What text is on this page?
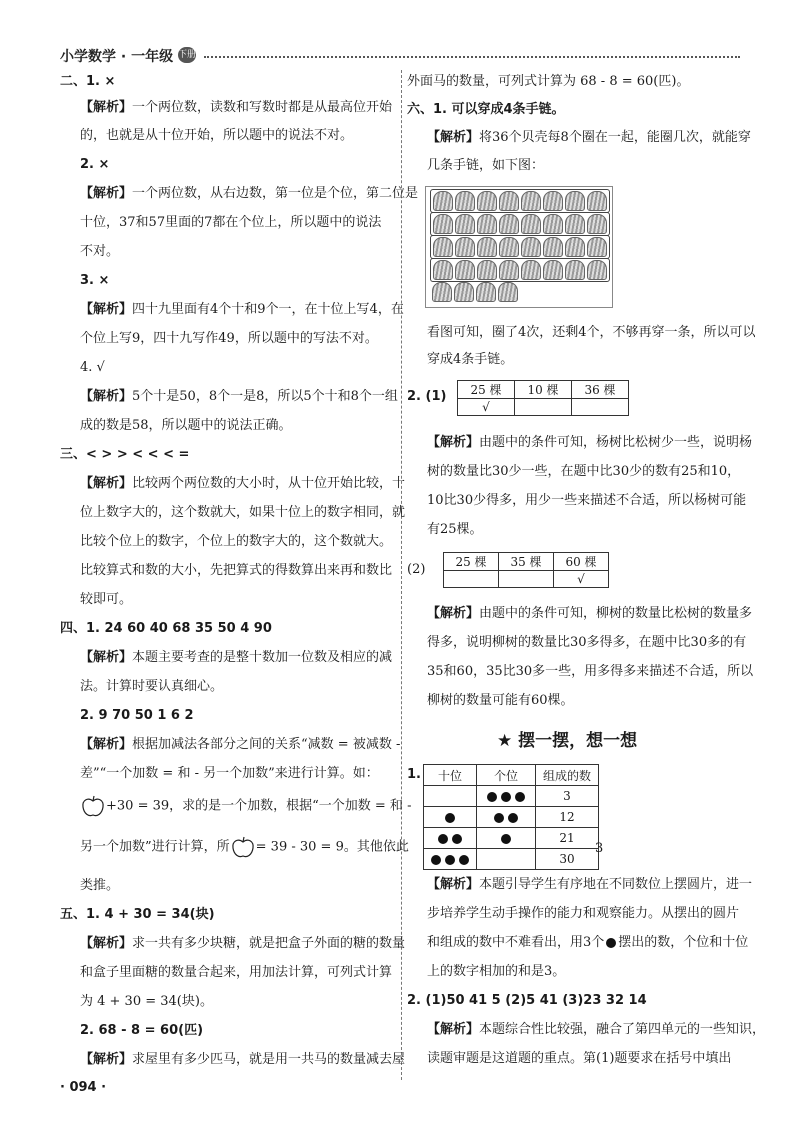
小学数学 · 一年级 下册
二、1. ×
【解析】一个两位数，读数和写数时都是从最高位开始
的，也就是从十位开始，所以题中的说法不对。
2. ×
【解析】一个两位数，从右边数，第一位是个位，第二位是
十位，37和57里面的7都在个位上，所以题中的说法
不对。
3. ×
【解析】四十九里面有4个十和9个一，在十位上写4，在
个位上写9，四十九写作49，所以题中的写法不对。
4. √
【解析】5个十是50，8个一是8，所以5个十和8个一组
成的数是58，所以题中的说法正确。
三、< > > < < < =
【解析】比较两个两位数的大小时，从十位开始比较，十
位上数字大的，这个数就大，如果十位上的数字相同，就
比较个位上的数字，个位上的数字大的，这个数就大。
比较算式和数的大小，先把算式的得数算出来再和数比
较即可。
四、1. 24 60 40 68 35 50 4 90
【解析】本题主要考查的是整十数加一位数及相应的减
法。计算时要认真细心。
2. 9 70 50 1 6 2
【解析】根据加减法各部分之间的关系“减数 = 被减数 -
差”“一个加数 = 和 - 另一个加数”来进行计算。如：
+30 = 39，求的是一个加数，根据“一个加数 = 和 -
另一个加数”进行计算，所 = 39 - 30 = 9。其他依此
类推。
五、1. 4 + 30 = 34(块)
【解析】求一共有多少块糖，就是把盒子外面的糖的数量
和盒子里面糖的数量合起来，用加法计算，可列式计算
为 4 + 30 = 34(块)。
2. 68 - 8 = 60(匹)
【解析】求屋里有多少匹马，就是用一共马的数量减去屋
外面马的数量，可列式计算为 68 - 8 = 60(匹)。
六、1. 可以穿成4条手链。
【解析】将36个贝壳每8个圈在一起，能圈几次，就能穿
几条手链，如下图：
看图可知，圈了4次，还剩4个，不够再穿一条，所以可以
穿成4条手链。
2. (1) 25 棵	10 棵	36 棵
√		
【解析】由题中的条件可知，杨树比松树少一些，说明杨
树的数量比30少一些，在题中比30少的数有25和10，
10比30少得多，用少一些来描述不合适，所以杨树可能
有25棵。
(2)	25 棵	35 棵	60 棵
		√
【解析】由题中的条件可知，柳树的数量比松树的数量多
得多，说明柳树的数量比30多得多，在题中比30多的有
35和60，35比30多一些，用多得多来描述不合适，所以
柳树的数量可能有60棵。
★ 摆一摆，想一想
1. 十位	个位	组成的数
		3
		12
		21
		30
3
【解析】本题引导学生有序地在不同数位上摆圆片，进一
步培养学生动手操作的能力和观察能力。从摆出的圆片
和组成的数中不难看出，用3个 摆出的数，个位和十位
上的数字相加的和是3。
2. (1)50 41 5 (2)5 41 (3)23 32 14
【解析】本题综合性比较强，融合了第四单元的一些知识，
读题审题是这道题的重点。第(1)题要求在括号中填出
· 094 ·
